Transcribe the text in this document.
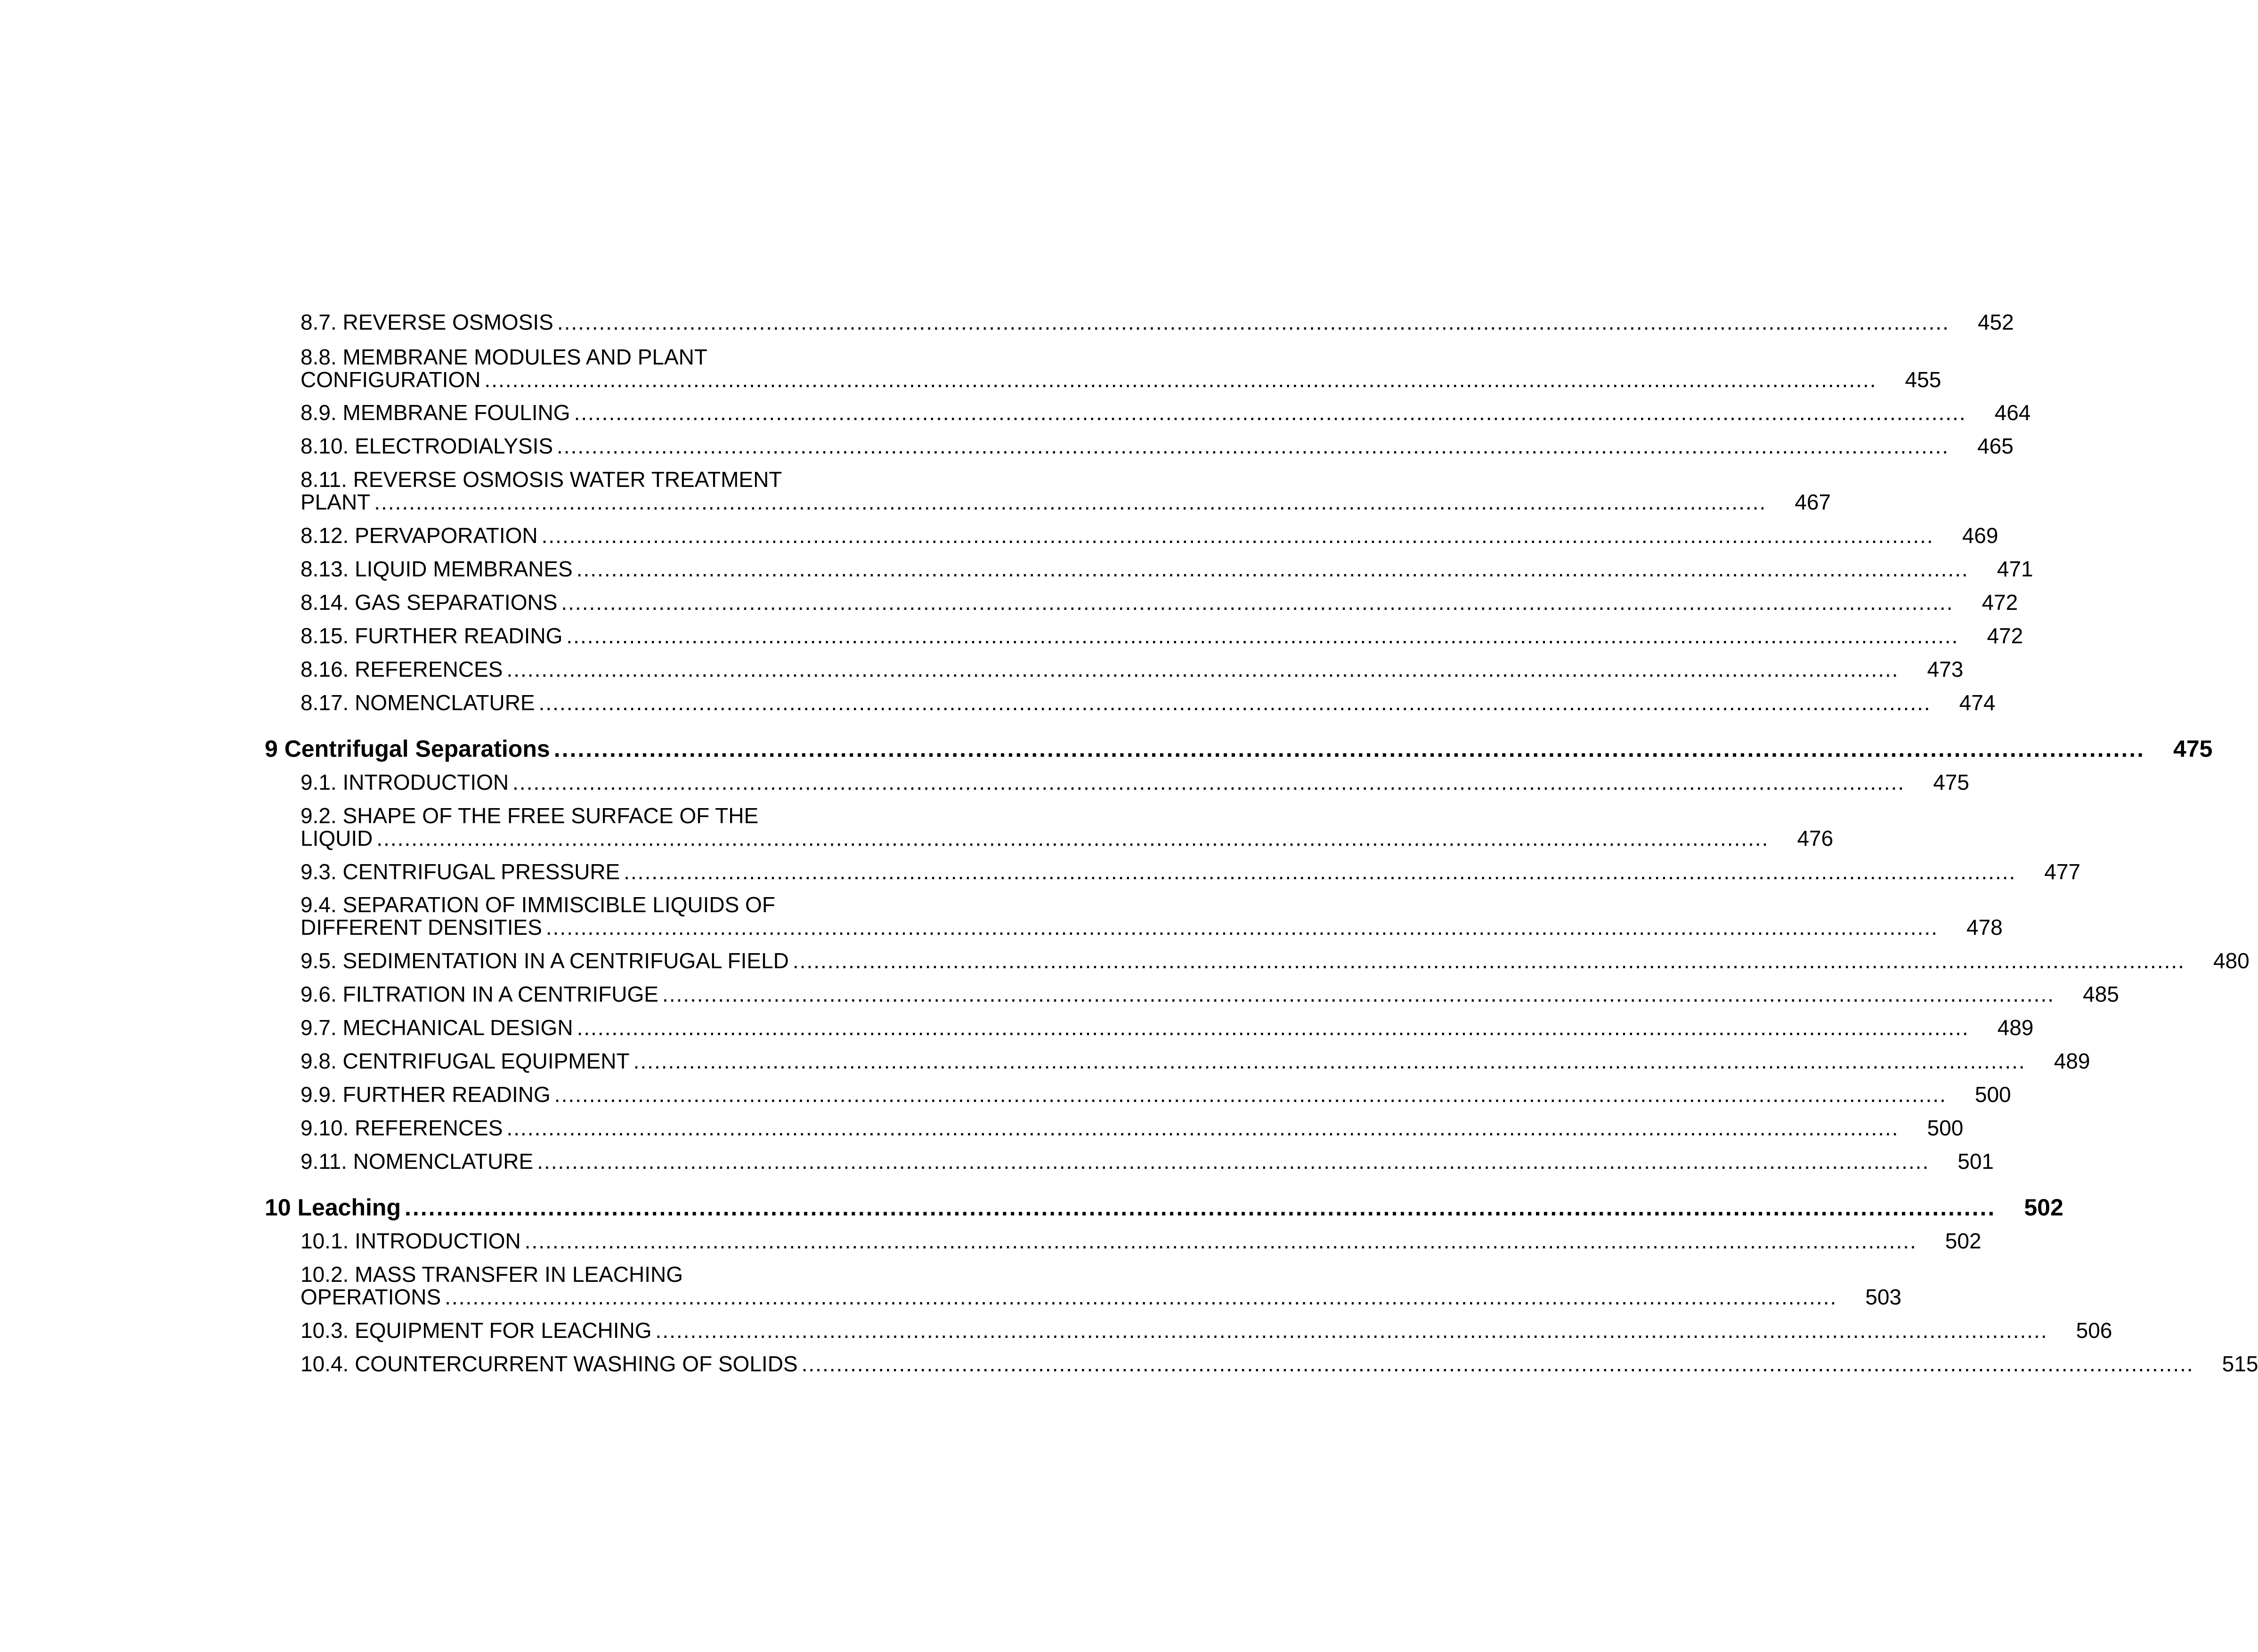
8.7. REVERSE OSMOSIS .....	452
8.8. MEMBRANE MODULES AND PLANT
CONFIGURATION .....	455
8.9. MEMBRANE FOULING .....	464
8.10. ELECTRODIALYSIS .....	465
8.11. REVERSE OSMOSIS WATER TREATMENT
PLANT .....	467
8.12. PERVAPORATION .....	469
8.13. LIQUID MEMBRANES .....	471
8.14. GAS SEPARATIONS .....	472
8.15. FURTHER READING .....	472
8.16. REFERENCES .....	473
8.17. NOMENCLATURE .....	474
9 Centrifugal Separations .....	475
9.1. INTRODUCTION .....	475
9.2. SHAPE OF THE FREE SURFACE OF THE
LIQUID .....	476
9.3. CENTRIFUGAL PRESSURE .....	477
9.4. SEPARATION OF IMMISCIBLE LIQUIDS OF
DIFFERENT DENSITIES .....	478
9.5. SEDIMENTATION IN A CENTRIFUGAL FIELD .....	480
9.6. FILTRATION IN A CENTRIFUGE .....	485
9.7. MECHANICAL DESIGN .....	489
9.8. CENTRIFUGAL EQUIPMENT .....	489
9.9. FURTHER READING .....	500
9.10. REFERENCES .....	500
9.11. NOMENCLATURE .....	501
10 Leaching .....	502
10.1. INTRODUCTION .....	502
10.2. MASS TRANSFER IN LEACHING
OPERATIONS .....	503
10.3. EQUIPMENT FOR LEACHING .....	506
10.4. COUNTERCURRENT WASHING OF SOLIDS .....	515
